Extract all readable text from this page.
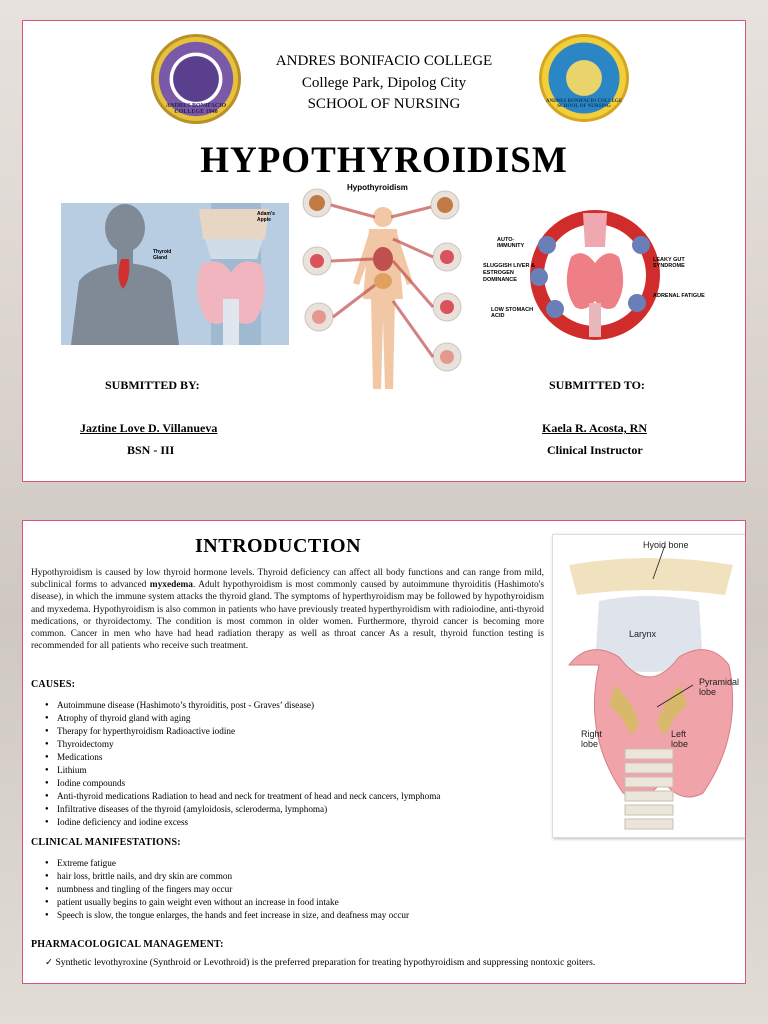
ANDRES BONIFACIO COLLEGE 1940
ANDRES BONIFACIO COLLEGE SCHOOL OF NURSING
ANDRES BONIFACIO COLLEGE
College Park, Dipolog City
SCHOOL OF NURSING
HYPOTHYROIDISM
Adam's Apple
Thyroid Gland
Hypothyroidism
AUTO-IMMUNITY
SLUGGISH LIVER & ESTROGEN DOMINANCE
LOW STOMACH ACID
LEAKY GUT SYNDROME
ADRENAL FATIGUE
SUBMITTED BY:
Jaztine Love D. Villanueva
BSN - III
SUBMITTED TO:
Kaela R. Acosta, RN
Clinical Instructor
INTRODUCTION
Hypothyroidism is caused by low thyroid hormone levels. Thyroid deficiency can affect all body functions and can range from mild, subclinical forms to advanced myxedema. Adult hypothyroidism is most commonly caused by autoimmune thyroiditis (Hashimoto's disease), in which the immune system attacks the thyroid gland. The symptoms of hyperthyroidism may be followed by hypothyroidism and myxedema. Hypothyroidism is also common in patients who have previously treated hyperthyroidism with radioiodine, anti-thyroid medications, or thyroidectomy. The condition is most common in older women. Furthermore, thyroid cancer is becoming more common. Cancer in men who have had head radiation therapy as well as throat cancer As a result, thyroid function testing is recommended for all patients who receive such treatment.
CAUSES:
● Autoimmune disease (Hashimoto’s thyroiditis, post - Graves’ disease)
● Atrophy of thyroid gland with aging
● Therapy for hyperthyroidism Radioactive iodine
● Thyroidectomy
● Medications
● Lithium
● Iodine compounds
● Anti-thyroid medications Radiation to head and neck for treatment of head and neck cancers, lymphoma
● Infiltrative diseases of the thyroid (amyloidosis, scleroderma, lymphoma)
● Iodine deficiency and iodine excess
CLINICAL MANIFESTATIONS:
● Extreme fatigue
● hair loss, brittle nails, and dry skin are common
● numbness and tingling of the fingers may occur
● patient usually begins to gain weight even without an increase in food intake
● Speech is slow, the tongue enlarges, the hands and feet increase in size, and deafness may occur
PHARMACOLOGICAL MANAGEMENT:
✓ Synthetic levothyroxine (Synthroid or Levothroid) is the preferred preparation for treating hypothyroidism and suppressing nontoxic goiters.
Hyoid bone
Larynx
Pyramidal lobe
Right lobe
Left lobe
